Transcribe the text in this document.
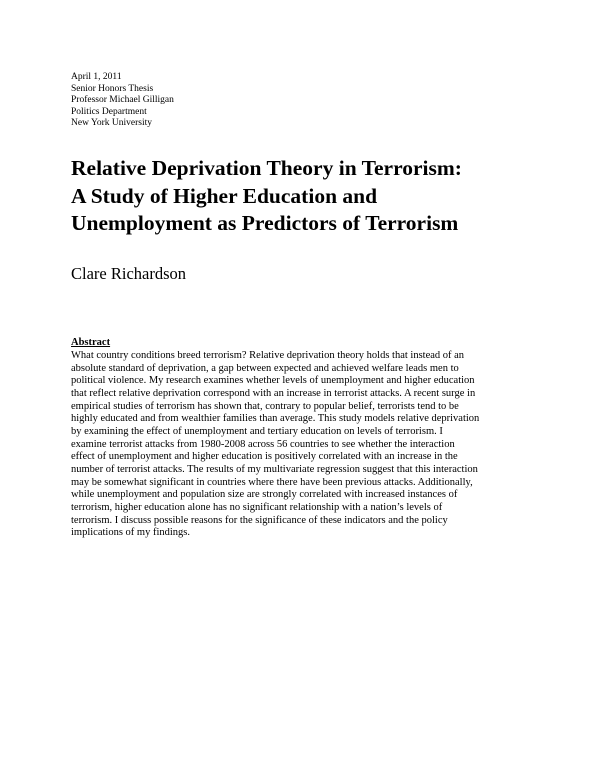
April 1, 2011
Senior Honors Thesis
Professor Michael Gilligan
Politics Department
New York University
Relative Deprivation Theory in Terrorism:
A Study of Higher Education and
Unemployment as Predictors of Terrorism
Clare Richardson
Abstract
What country conditions breed terrorism? Relative deprivation theory holds that instead of an
absolute standard of deprivation, a gap between expected and achieved welfare leads men to
political violence. My research examines whether levels of unemployment and higher education
that reflect relative deprivation correspond with an increase in terrorist attacks. A recent surge in
empirical studies of terrorism has shown that, contrary to popular belief, terrorists tend to be
highly educated and from wealthier families than average. This study models relative deprivation
by examining the effect of unemployment and tertiary education on levels of terrorism. I
examine terrorist attacks from 1980-2008 across 56 countries to see whether the interaction
effect of unemployment and higher education is positively correlated with an increase in the
number of terrorist attacks. The results of my multivariate regression suggest that this interaction
may be somewhat significant in countries where there have been previous attacks. Additionally,
while unemployment and population size are strongly correlated with increased instances of
terrorism, higher education alone has no significant relationship with a nation’s levels of
terrorism. I discuss possible reasons for the significance of these indicators and the policy
implications of my findings.
